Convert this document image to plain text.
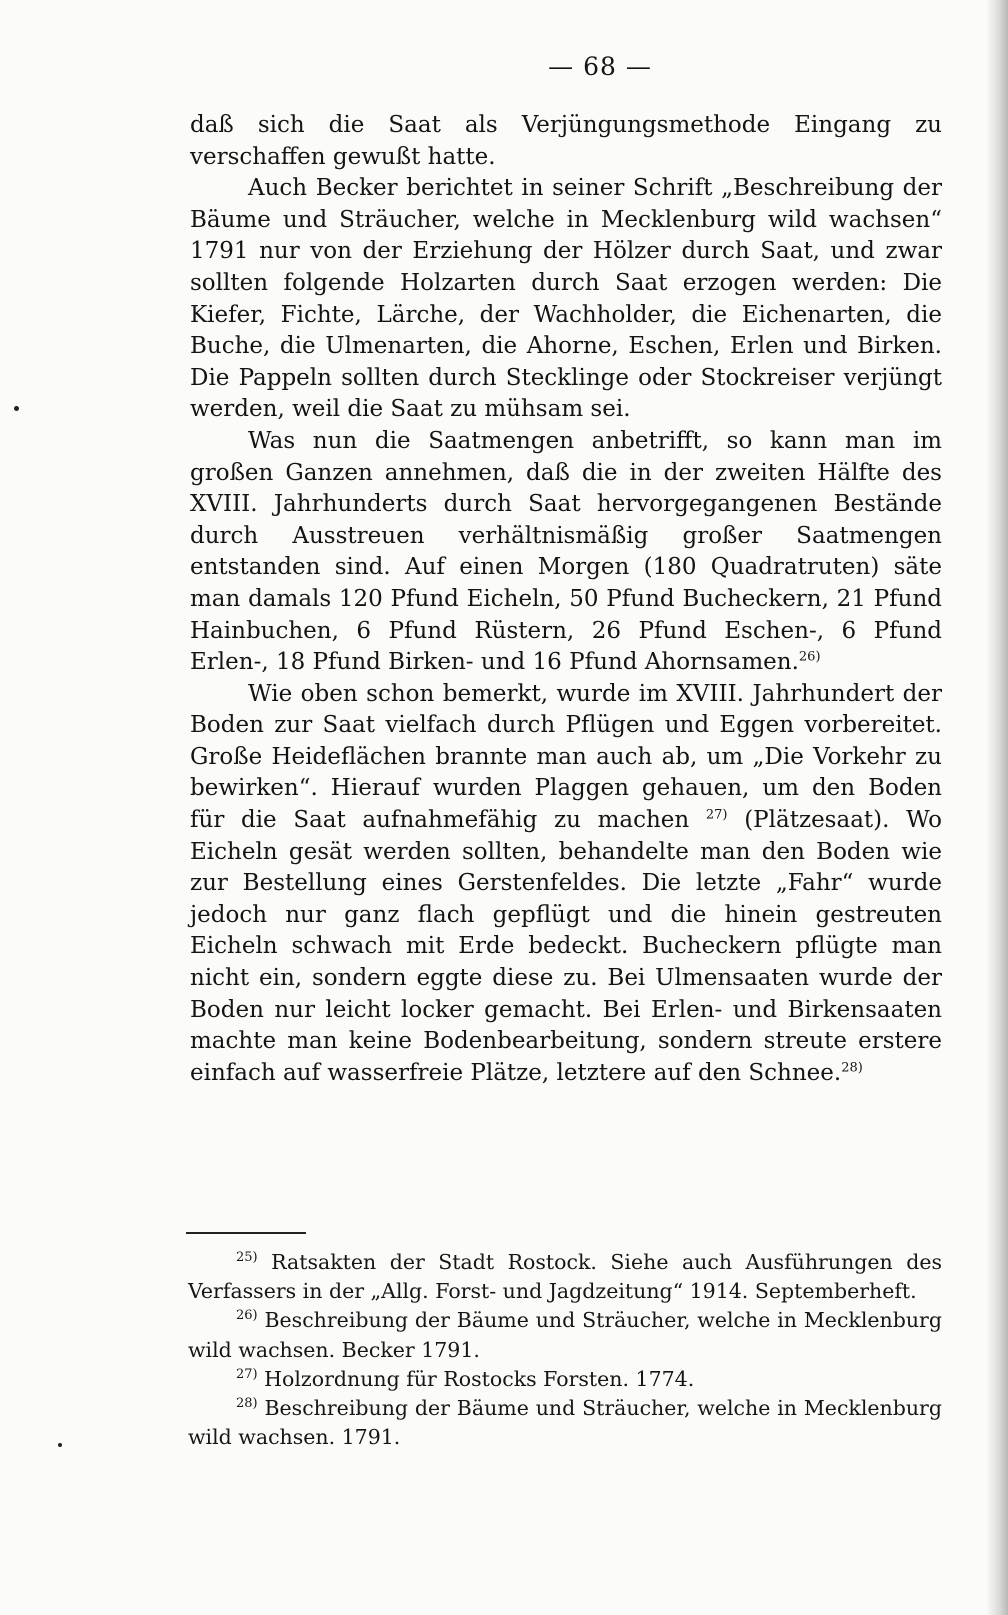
— 68 —

daß sich die Saat als Verjüngungsmethode Eingang zu verschaffen gewußt hatte.

Auch Becker berichtet in seiner Schrift „Beschreibung der Bäume und Sträucher, welche in Mecklenburg wild wachsen“ 1791 nur von der Erziehung der Hölzer durch Saat, und zwar sollten folgende Holzarten durch Saat erzogen werden: Die Kiefer, Fichte, Lärche, der Wachholder, die Eichenarten, die Buche, die Ulmenarten, die Ahorne, Eschen, Erlen und Birken. Die Pappeln sollten durch Stecklinge oder Stockreiser verjüngt werden, weil die Saat zu mühsam sei.

Was nun die Saatmengen anbetrifft, so kann man im großen Ganzen annehmen, daß die in der zweiten Hälfte des XVIII. Jahrhunderts durch Saat hervorgegangenen Bestände durch Ausstreuen verhältnismäßig großer Saatmengen entstanden sind. Auf einen Morgen (180 Quadratruten) säte man damals 120 Pfund Eicheln, 50 Pfund Bucheckern, 21 Pfund Hainbuchen, 6 Pfund Rüstern, 26 Pfund Eschen-, 6 Pfund Erlen-, 18 Pfund Birken- und 16 Pfund Ahornsamen.$^{26)}$

Wie oben schon bemerkt, wurde im XVIII. Jahrhundert der Boden zur Saat vielfach durch Pflügen und Eggen vorbereitet. Große Heideflächen brannte man auch ab, um „Die Vorkehr zu bewirken“. Hierauf wurden Plaggen gehauen, um den Boden für die Saat aufnahmefähig zu machen $^{27)}$ (Plätzesaat). Wo Eicheln gesät werden sollten, behandelte man den Boden wie zur Bestellung eines Gerstenfeldes. Die letzte „Fahr“ wurde jedoch nur ganz flach gepflügt und die hinein gestreuten Eicheln schwach mit Erde bedeckt. Bucheckern pflügte man nicht ein, sondern eggte diese zu. Bei Ulmensaaten wurde der Boden nur leicht locker gemacht. Bei Erlen- und Birkensaaten machte man keine Bodenbearbeitung, sondern streute erstere einfach auf wasserfreie Plätze, letztere auf den Schnee.$^{28)}$

$^{25)}$ Ratsakten der Stadt Rostock. Siehe auch Ausführungen des Verfassers in der „Allg. Forst- und Jagdzeitung“ 1914. Septemberheft.

$^{26)}$ Beschreibung der Bäume und Sträucher, welche in Mecklenburg wild wachsen. Becker 1791.

$^{27)}$ Holzordnung für Rostocks Forsten. 1774.

$^{28)}$ Beschreibung der Bäume und Sträucher, welche in Mecklenburg wild wachsen. 1791.
